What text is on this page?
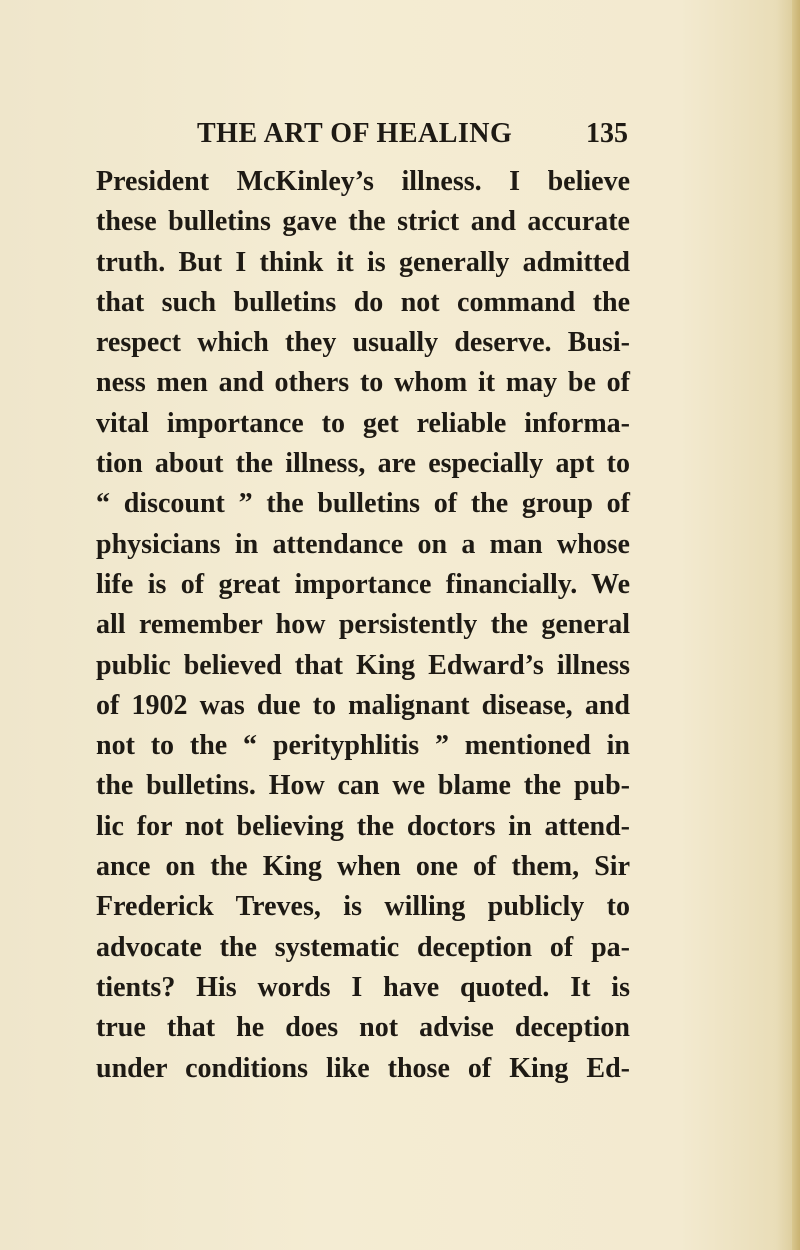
THE ART OF HEALING	135
President McKinley’s illness. I believe
these bulletins gave the strict and accurate
truth. But I think it is generally admitted
that such bulletins do not command the
respect which they usually deserve. Busi-
ness men and others to whom it may be of
vital importance to get reliable informa-
tion about the illness, are especially apt to
“ discount ” the bulletins of the group of
physicians in attendance on a man whose
life is of great importance financially. We
all remember how persistently the general
public believed that King Edward’s illness
of 1902 was due to malignant disease, and
not to the “ perityphlitis ” mentioned in
the bulletins. How can we blame the pub-
lic for not believing the doctors in attend-
ance on the King when one of them, Sir
Frederick Treves, is willing publicly to
advocate the systematic deception of pa-
tients? His words I have quoted. It is
true that he does not advise deception
under conditions like those of King Ed-
